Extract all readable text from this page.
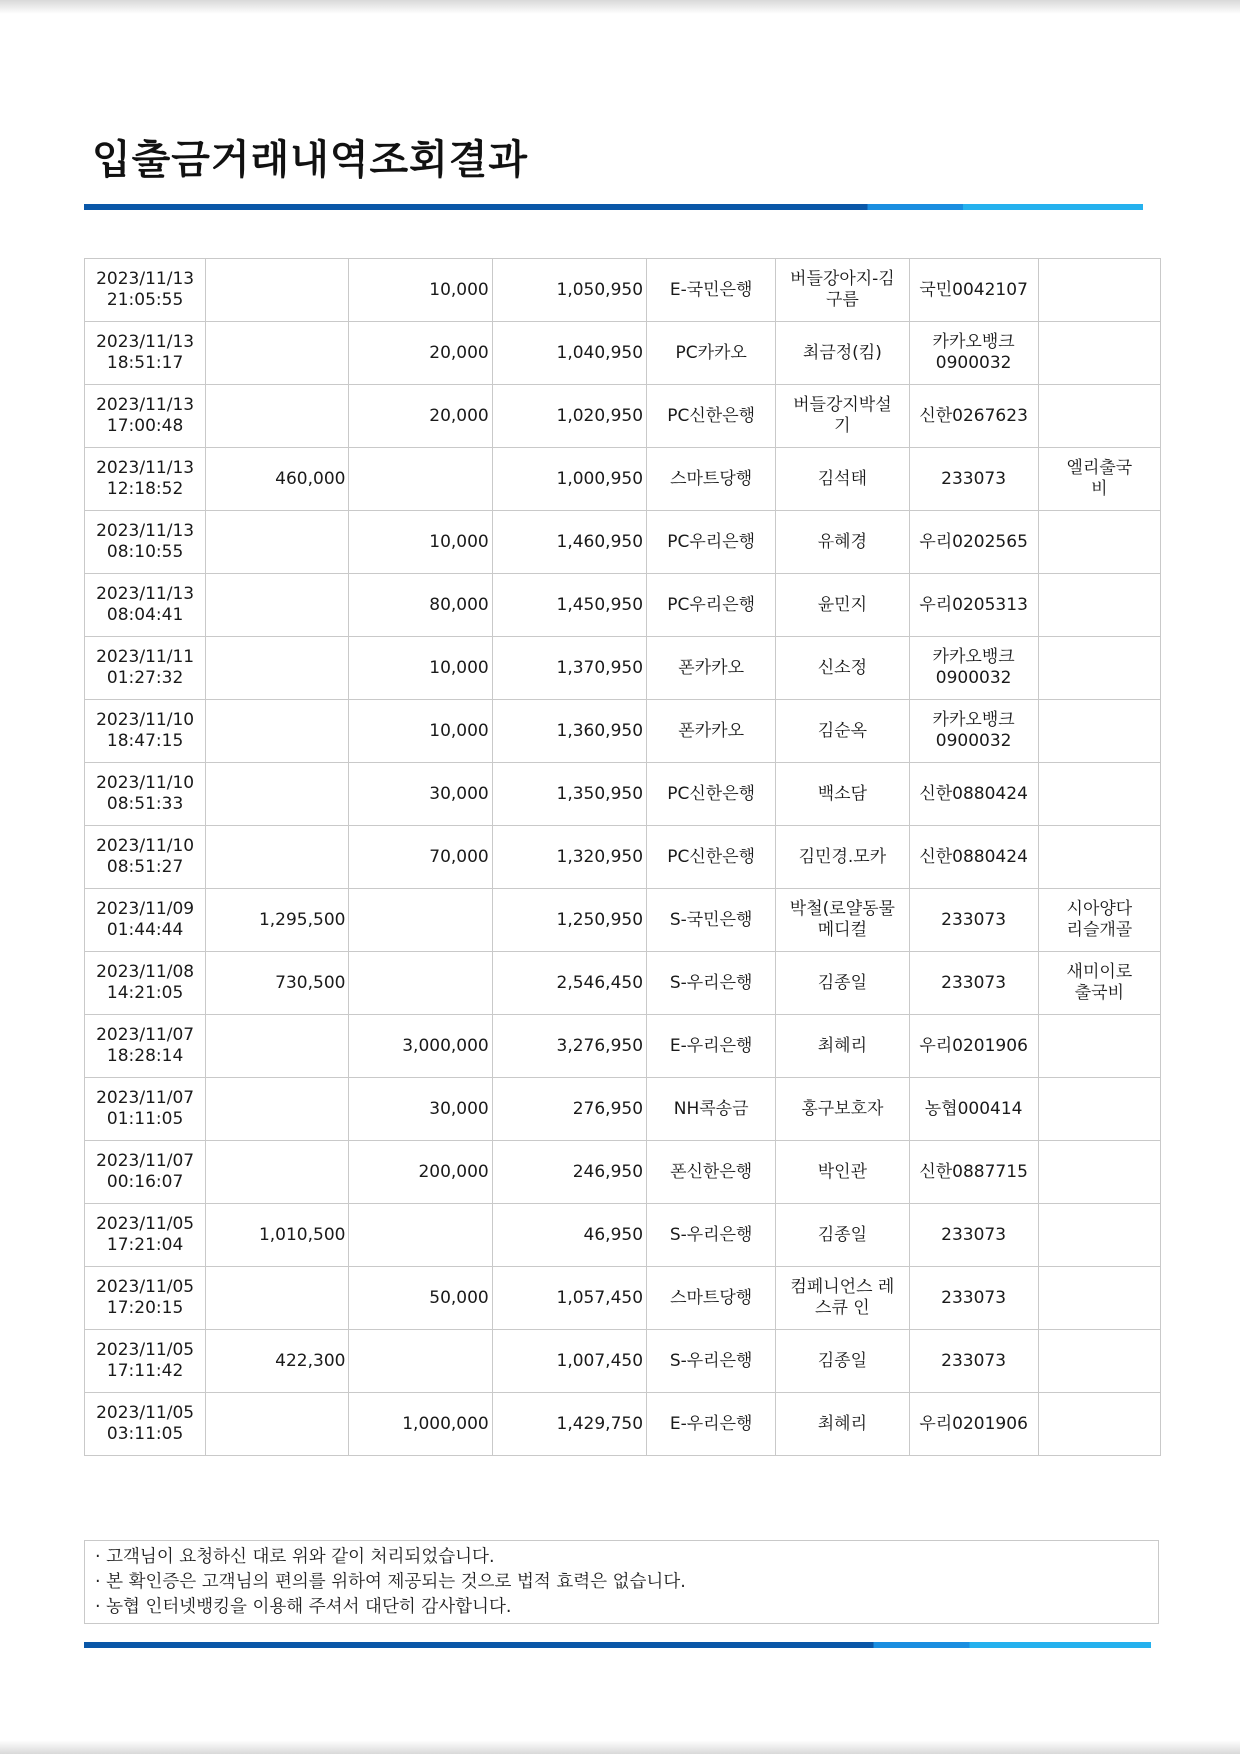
입출금거래내역조회결과
2023/11/13
21:05:55		10,000	1,050,950	E-국민은행	버들강아지-김
구름	국민0042107	
2023/11/13
18:51:17		20,000	1,040,950	PC카카오	최금정(킴)	카카오뱅크
0900032	
2023/11/13
17:00:48		20,000	1,020,950	PC신한은행	버들강지박설
기	신한0267623	
2023/11/13
12:18:52	460,000		1,000,950	스마트당행	김석태	233073	엘리출국
비
2023/11/13
08:10:55		10,000	1,460,950	PC우리은행	유혜경	우리0202565	
2023/11/13
08:04:41		80,000	1,450,950	PC우리은행	윤민지	우리0205313	
2023/11/11
01:27:32		10,000	1,370,950	폰카카오	신소정	카카오뱅크
0900032	
2023/11/10
18:47:15		10,000	1,360,950	폰카카오	김순옥	카카오뱅크
0900032	
2023/11/10
08:51:33		30,000	1,350,950	PC신한은행	백소담	신한0880424	
2023/11/10
08:51:27		70,000	1,320,950	PC신한은행	김민경.모카	신한0880424	
2023/11/09
01:44:44	1,295,500		1,250,950	S-국민은행	박철(로얄동물
메디컬	233073	시아양다
리슬개골
2023/11/08
14:21:05	730,500		2,546,450	S-우리은행	김종일	233073	새미이로
출국비
2023/11/07
18:28:14		3,000,000	3,276,950	E-우리은행	최혜리	우리0201906	
2023/11/07
01:11:05		30,000	276,950	NH콕송금	홍구보호자	농협000414	
2023/11/07
00:16:07		200,000	246,950	폰신한은행	박인관	신한0887715	
2023/11/05
17:21:04	1,010,500		46,950	S-우리은행	김종일	233073	
2023/11/05
17:20:15		50,000	1,057,450	스마트당행	컴페니언스 레
스큐 인	233073	
2023/11/05
17:11:42	422,300		1,007,450	S-우리은행	김종일	233073	
2023/11/05
03:11:05		1,000,000	1,429,750	E-우리은행	최혜리	우리0201906	
· 고객님이 요청하신 대로 위와 같이 처리되었습니다.
· 본 확인증은 고객님의 편의를 위하여 제공되는 것으로 법적 효력은 없습니다.
· 농협 인터넷뱅킹을 이용해 주셔서 대단히 감사합니다.
